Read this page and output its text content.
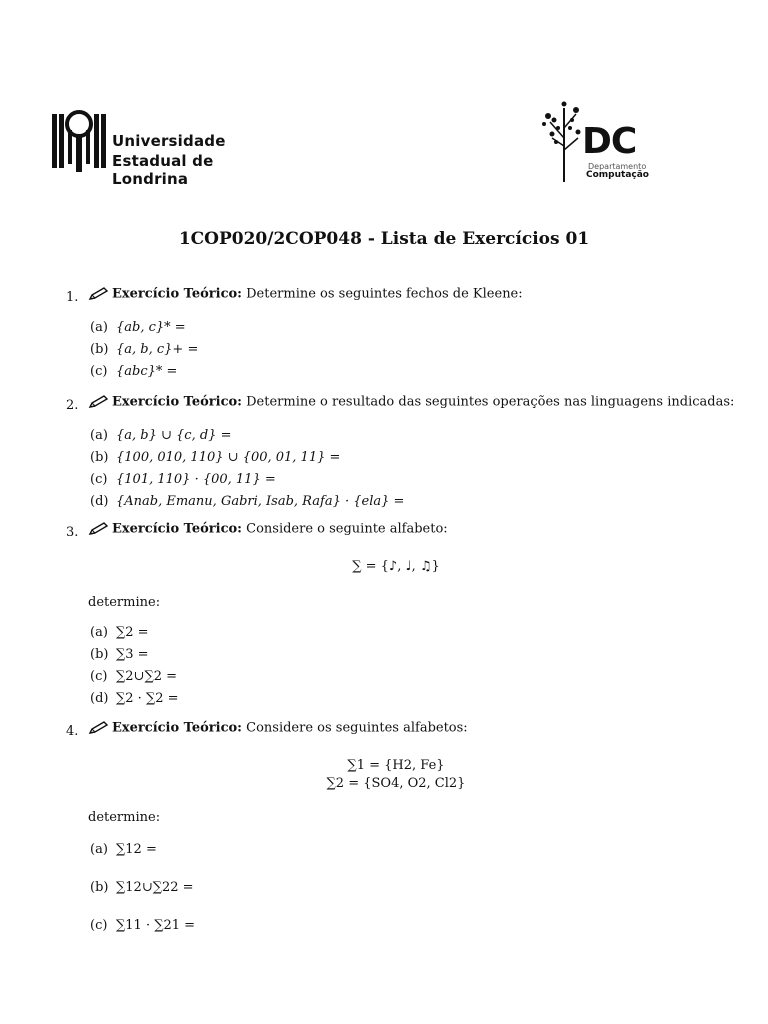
Universidade
Estadual de Londrina
DC
Departamento
Computação
1COP020/2COP048 - Lista de Exercícios 01
1.	Exercício Teórico: Determine os seguintes fechos de Kleene:
(a) {ab, c}* =
(b) {a, b, c}+ =
(c) {abc}* =
2.	Exercício Teórico: Determine o resultado das seguintes operações nas linguagens indicadas:
(a) {a, b} ∪ {c, d} =
(b) {100, 010, 110} ∪ {00, 01, 11} =
(c) {101, 110} · {00, 11} =
(d) {Anab, Emanu, Gabri, Isab, Rafa} · {ela} =
3.	Exercício Teórico: Considere o seguinte alfabeto:
∑ = {♪, ♩, ♫}
determine:
(a) ∑2 =
(b) ∑3 =
(c) ∑2∪∑2 =
(d) ∑2 · ∑2 =
4.	Exercício Teórico: Considere os seguintes alfabetos:
∑1 = {H2, Fe}
∑2 = {SO4, O2, Cl2}
determine:
(a) ∑12 =
(b) ∑12∪∑22 =
(c) ∑11 · ∑21 =
